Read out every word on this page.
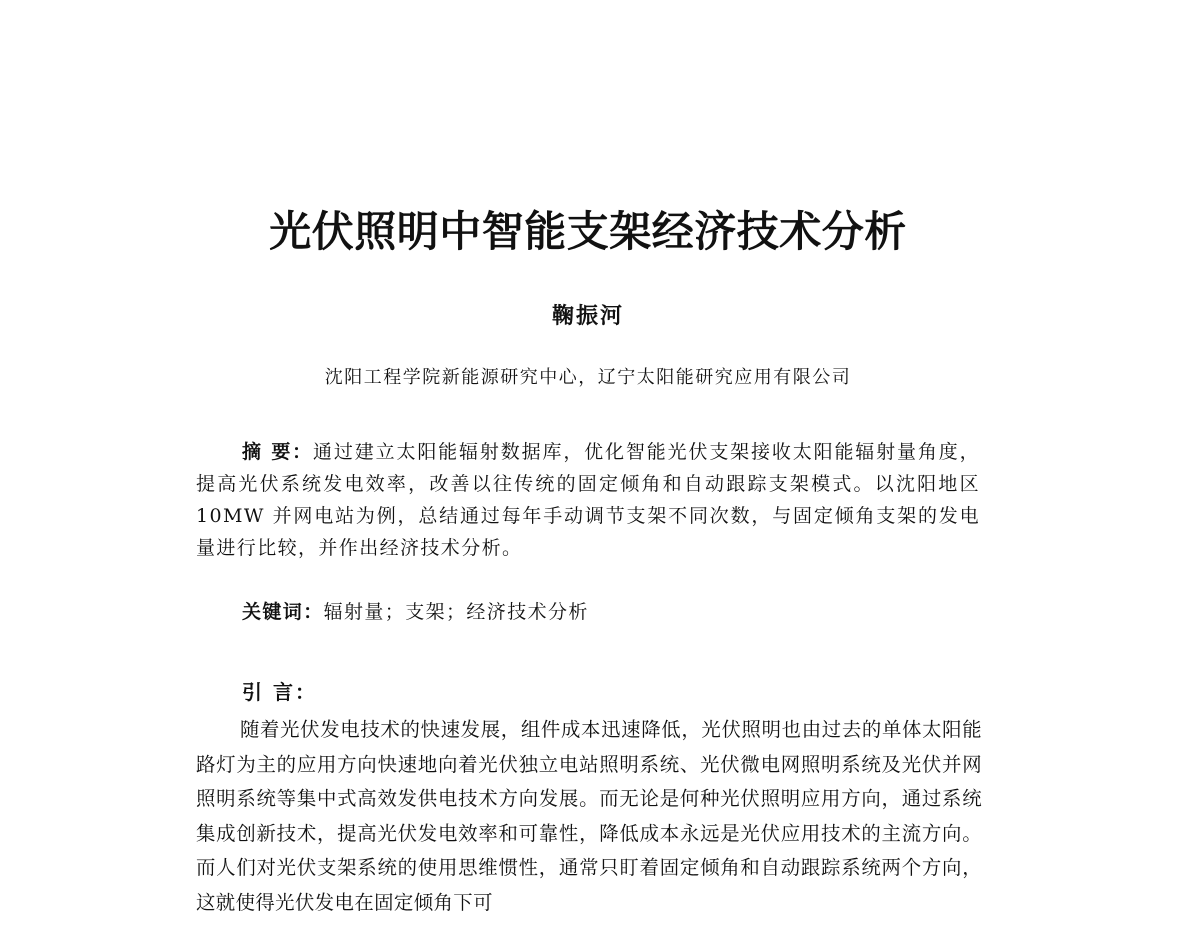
光伏照明中智能支架经济技术分析
鞠振河
沈阳工程学院新能源研究中心，辽宁太阳能研究应用有限公司

摘 要：通过建立太阳能辐射数据库，优化智能光伏支架接收太阳能辐射量角度，提高光伏系统发电效率，改善以往传统的固定倾角和自动跟踪支架模式。以沈阳地区 10MW 并网电站为例，总结通过每年手动调节支架不同次数，与固定倾角支架的发电量进行比较，并作出经济技术分析。

关键词：辐射量；支架；经济技术分析
引 言：

随着光伏发电技术的快速发展，组件成本迅速降低，光伏照明也由过去的单体太阳能路灯为主的应用方向快速地向着光伏独立电站照明系统、光伏微电网照明系统及光伏并网照明系统等集中式高效发供电技术方向发展。而无论是何种光伏照明应用方向，通过系统集成创新技术，提高光伏发电效率和可靠性，降低成本永远是光伏应用技术的主流方向。而人们对光伏支架系统的使用思维惯性，通常只盯着固定倾角和自动跟踪系统两个方向，这就使得光伏发电在固定倾角下可
